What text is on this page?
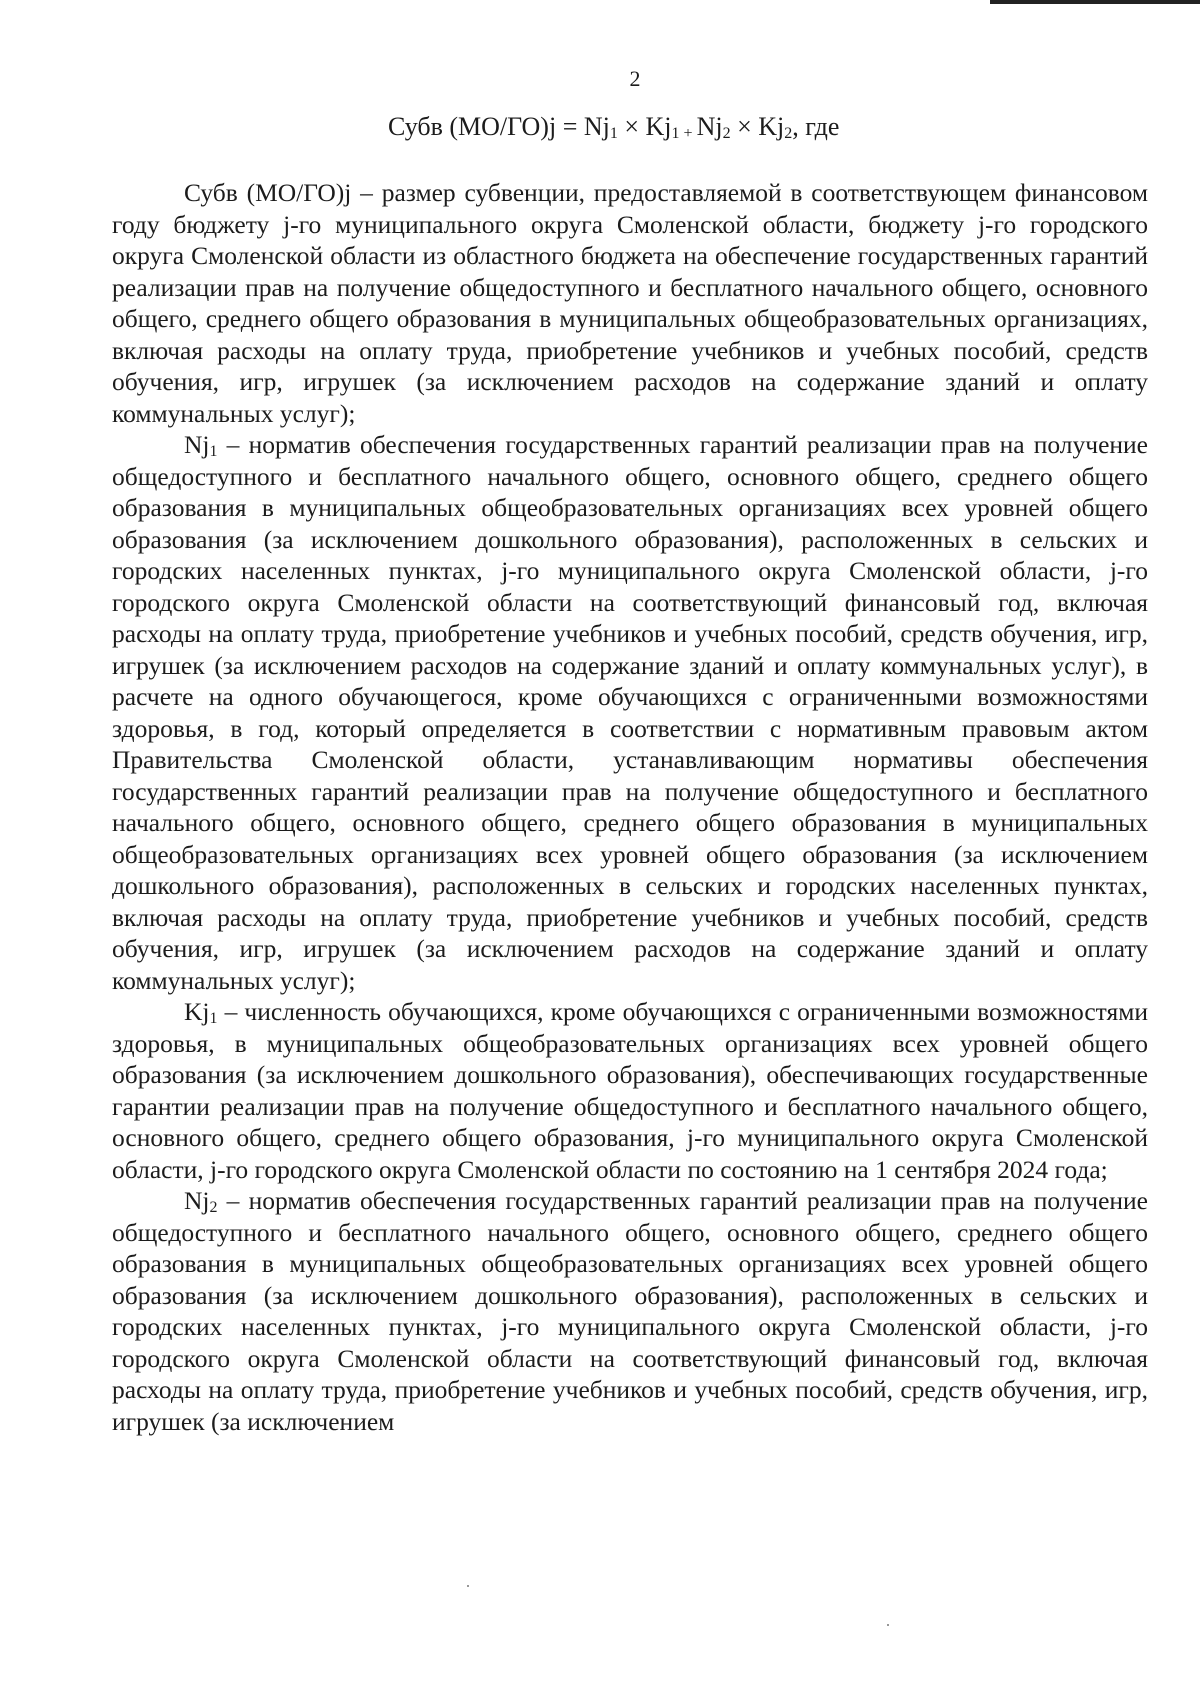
2
Субв $(МО/ГО)j = Nj_1 \times Kj_1$ $_+$ $Nj_2 \times Kj_2$, где

Субв (МО/ГО)j – размер субвенции, предоставляемой в соответствующем финансовом году бюджету j-го муниципального округа Смоленской области, бюджету j-го городского округа Смоленской области из областного бюджета на обеспечение государственных гарантий реализации прав на получение общедоступного и бесплатного начального общего, основного общего, среднего общего образования в муниципальных общеобразовательных организациях, включая расходы на оплату труда, приобретение учебников и учебных пособий, средств обучения, игр, игрушек (за исключением расходов на содержание зданий и оплату коммунальных услуг);

$Nj_1$ – норматив обеспечения государственных гарантий реализации прав на получение общедоступного и бесплатного начального общего, основного общего, среднего общего образования в муниципальных общеобразовательных организациях всех уровней общего образования (за исключением дошкольного образования), расположенных в сельских и городских населенных пунктах, j-го муниципального округа Смоленской области, j-го городского округа Смоленской области на соответствующий финансовый год, включая расходы на оплату труда, приобретение учебников и учебных пособий, средств обучения, игр, игрушек (за исключением расходов на содержание зданий и оплату коммунальных услуг), в расчете на одного обучающегося, кроме обучающихся с ограниченными возможностями здоровья, в год, который определяется в соответствии с нормативным правовым актом Правительства Смоленской области, устанавливающим нормативы обеспечения государственных гарантий реализации прав на получение общедоступного и бесплатного начального общего, основного общего, среднего общего образования в муниципальных общеобразовательных организациях всех уровней общего образования (за исключением дошкольного образования), расположенных в сельских и городских населенных пунктах, включая расходы на оплату труда, приобретение учебников и учебных пособий, средств обучения, игр, игрушек (за исключением расходов на содержание зданий и оплату коммунальных услуг);

$Kj_1$ – численность обучающихся, кроме обучающихся с ограниченными возможностями здоровья, в муниципальных общеобразовательных организациях всех уровней общего образования (за исключением дошкольного образования), обеспечивающих государственные гарантии реализации прав на получение общедоступного и бесплатного начального общего, основного общего, среднего общего образования, j-го муниципального округа Смоленской области, j-го городского округа Смоленской области по состоянию на 1 сентября 2024 года;

$Nj_2$ – норматив обеспечения государственных гарантий реализации прав на получение общедоступного и бесплатного начального общего, основного общего, среднего общего образования в муниципальных общеобразовательных организациях всех уровней общего образования (за исключением дошкольного образования), расположенных в сельских и городских населенных пунктах, j-го муниципального округа Смоленской области, j-го городского округа Смоленской области на соответствующий финансовый год, включая расходы на оплату труда, приобретение учебников и учебных пособий, средств обучения, игр, игрушек (за исключением
